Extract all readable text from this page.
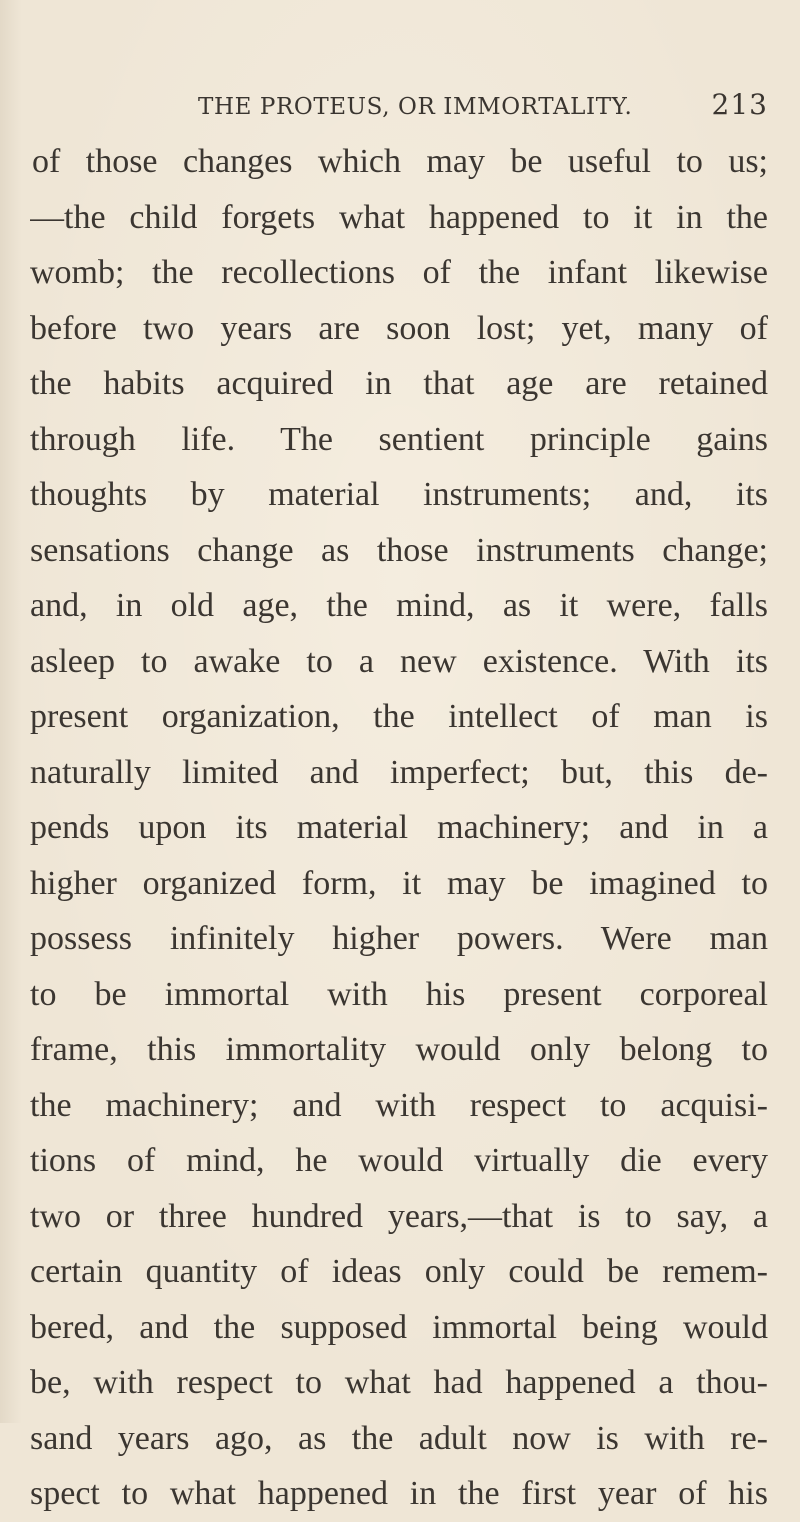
THE PROTEUS, OR IMMORTALITY.	213
of those changes which may be useful to us;
—the child forgets what happened to it in the
womb; the recollections of the infant likewise
before two years are soon lost; yet, many of
the habits acquired in that age are retained
through life. The sentient principle gains
thoughts by material instruments; and, its
sensations change as those instruments change;
and, in old age, the mind, as it were, falls
asleep to awake to a new existence. With its
present organization, the intellect of man is
naturally limited and imperfect; but, this de-
pends upon its material machinery; and in a
higher organized form, it may be imagined to
possess infinitely higher powers. Were man
to be immortal with his present corporeal
frame, this immortality would only belong to
the machinery; and with respect to acquisi-
tions of mind, he would virtually die every
two or three hundred years,—that is to say, a
certain quantity of ideas only could be remem-
bered, and the supposed immortal being would
be, with respect to what had happened a thou-
sand years ago, as the adult now is with re-
spect to what happened in the first year of his
